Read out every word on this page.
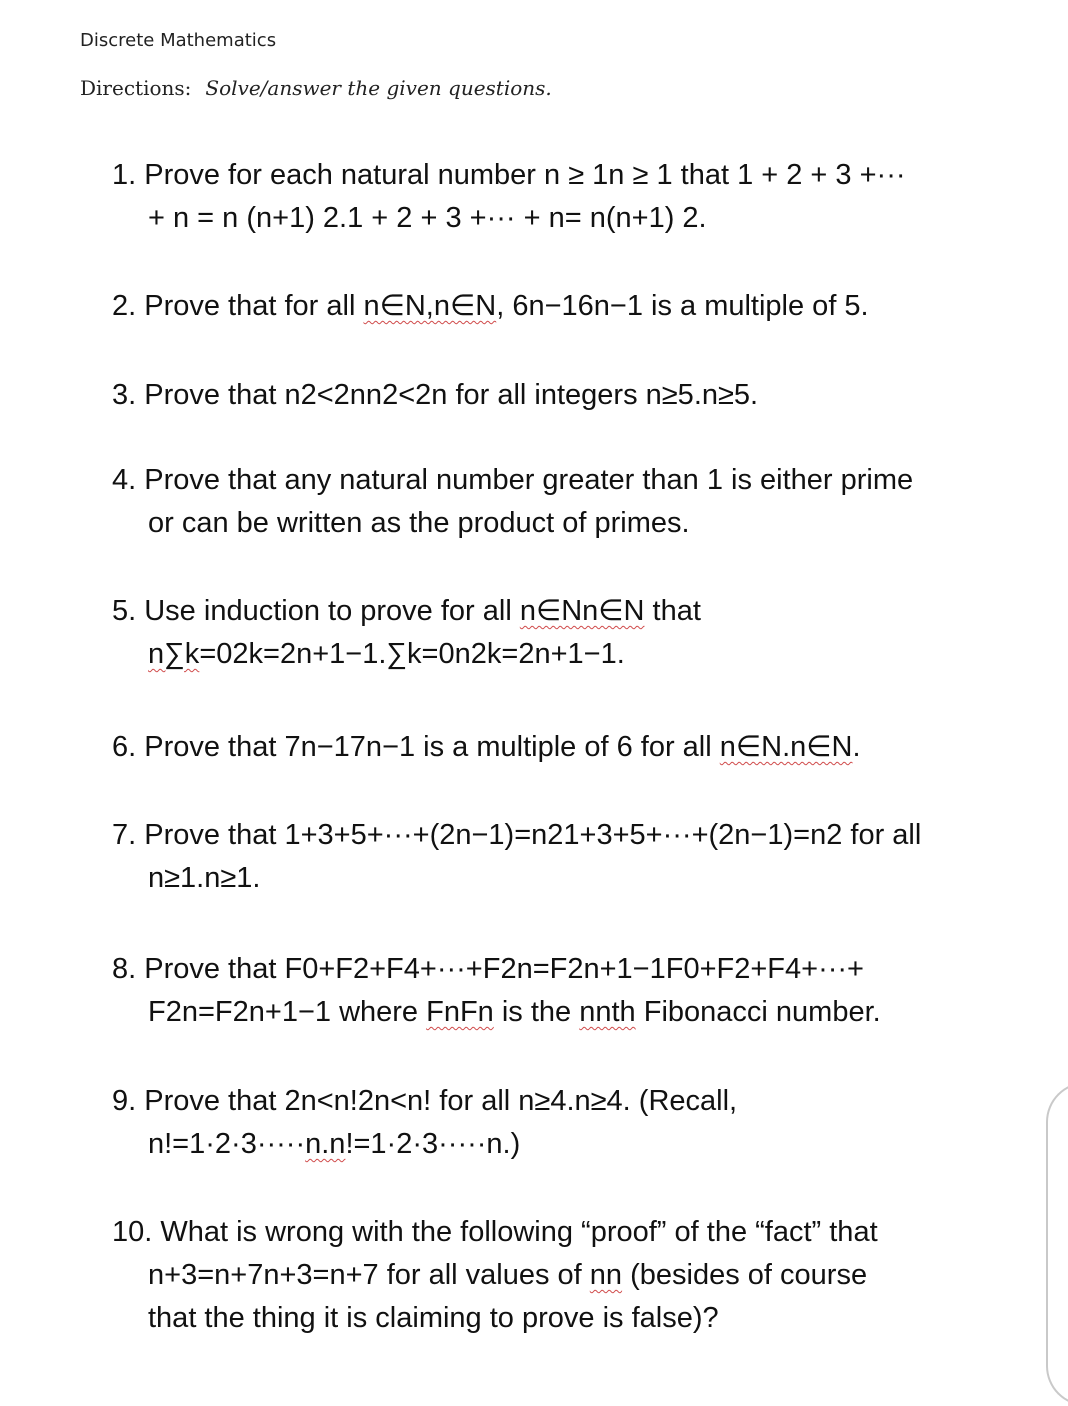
Discrete Mathematics
Directions: Solve/answer the given questions.
1. Prove for each natural number n ≥ 1n ≥ 1 that 1 + 2 + 3 +···
+ n = n (n+1) 2.1 + 2 + 3 +··· + n= n(n+1) 2.
2. Prove that for all n∈N,n∈N, 6n−16n−1 is a multiple of 5.
3. Prove that n2<2nn2<2n for all integers n≥5.n≥5.
4. Prove that any natural number greater than 1 is either prime
or can be written as the product of primes.
5. Use induction to prove for all n∈Nn∈N that
n∑k=02k=2n+1−1.∑k=0n2k=2n+1−1.
6. Prove that 7n−17n−1 is a multiple of 6 for all n∈N.n∈N.
7. Prove that 1+3+5+···+(2n−1)=n21+3+5+···+(2n−1)=n2 for all
n≥1.n≥1.
8. Prove that F0+F2+F4+···+F2n=F2n+1−1F0+F2+F4+···+
F2n=F2n+1−1 where FnFn is the nnth Fibonacci number.
9. Prove that 2n<n!2n<n! for all n≥4.n≥4. (Recall,
n!=1·2·3·····n.n!=1·2·3·····n.)
10. What is wrong with the following “proof” of the “fact” that
n+3=n+7n+3=n+7 for all values of nn (besides of course
that the thing it is claiming to prove is false)?
